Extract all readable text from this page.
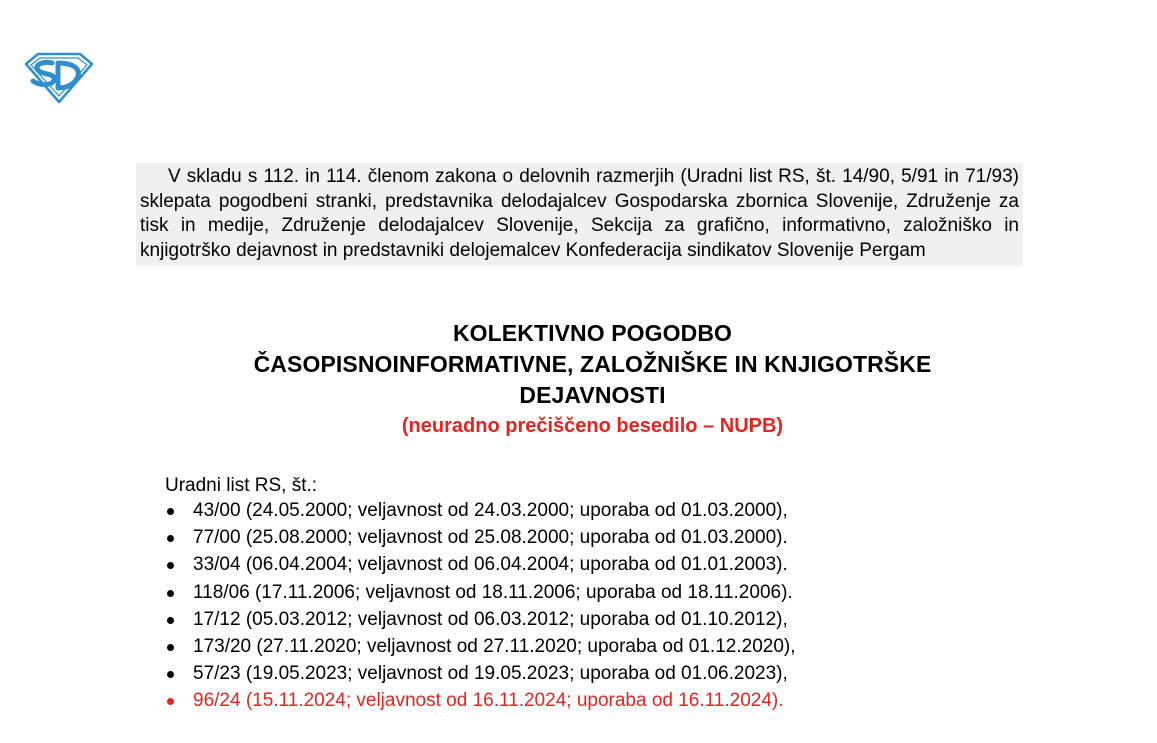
V skladu s 112. in 114. členom zakona o delovnih razmerjih (Uradni list RS, št. 14/90, 5/91 in 71/93) sklepata pogodbeni stranki, predstavnika delodajalcev Gospodarska zbornica Slovenije, Združenje za tisk in medije, Združenje delodajalcev Slovenije, Sekcija za grafično, informativno, založniško in knjigotrško dejavnost in predstavniki delojemalcev Konfederacija sindikatov Slovenije Pergam
KOLEKTIVNO POGODBO
ČASOPISNOINFORMATIVNE, ZALOŽNIŠKE IN KNJIGOTRŠKE
DEJAVNOSTI
(neuradno prečiščeno besedilo – NUPB)
Uradni list RS, št.:
43/00 (24.05.2000; veljavnost od 24.03.2000; uporaba od 01.03.2000),
77/00 (25.08.2000; veljavnost od 25.08.2000; uporaba od 01.03.2000).
33/04 (06.04.2004; veljavnost od 06.04.2004; uporaba od 01.01.2003).
118/06 (17.11.2006; veljavnost od 18.11.2006; uporaba od 18.11.2006).
17/12 (05.03.2012; veljavnost od 06.03.2012; uporaba od 01.10.2012),
173/20 (27.11.2020; veljavnost od 27.11.2020; uporaba od 01.12.2020),
57/23 (19.05.2023; veljavnost od 19.05.2023; uporaba od 01.06.2023),
96/24 (15.11.2024; veljavnost od 16.11.2024; uporaba od 16.11.2024).
